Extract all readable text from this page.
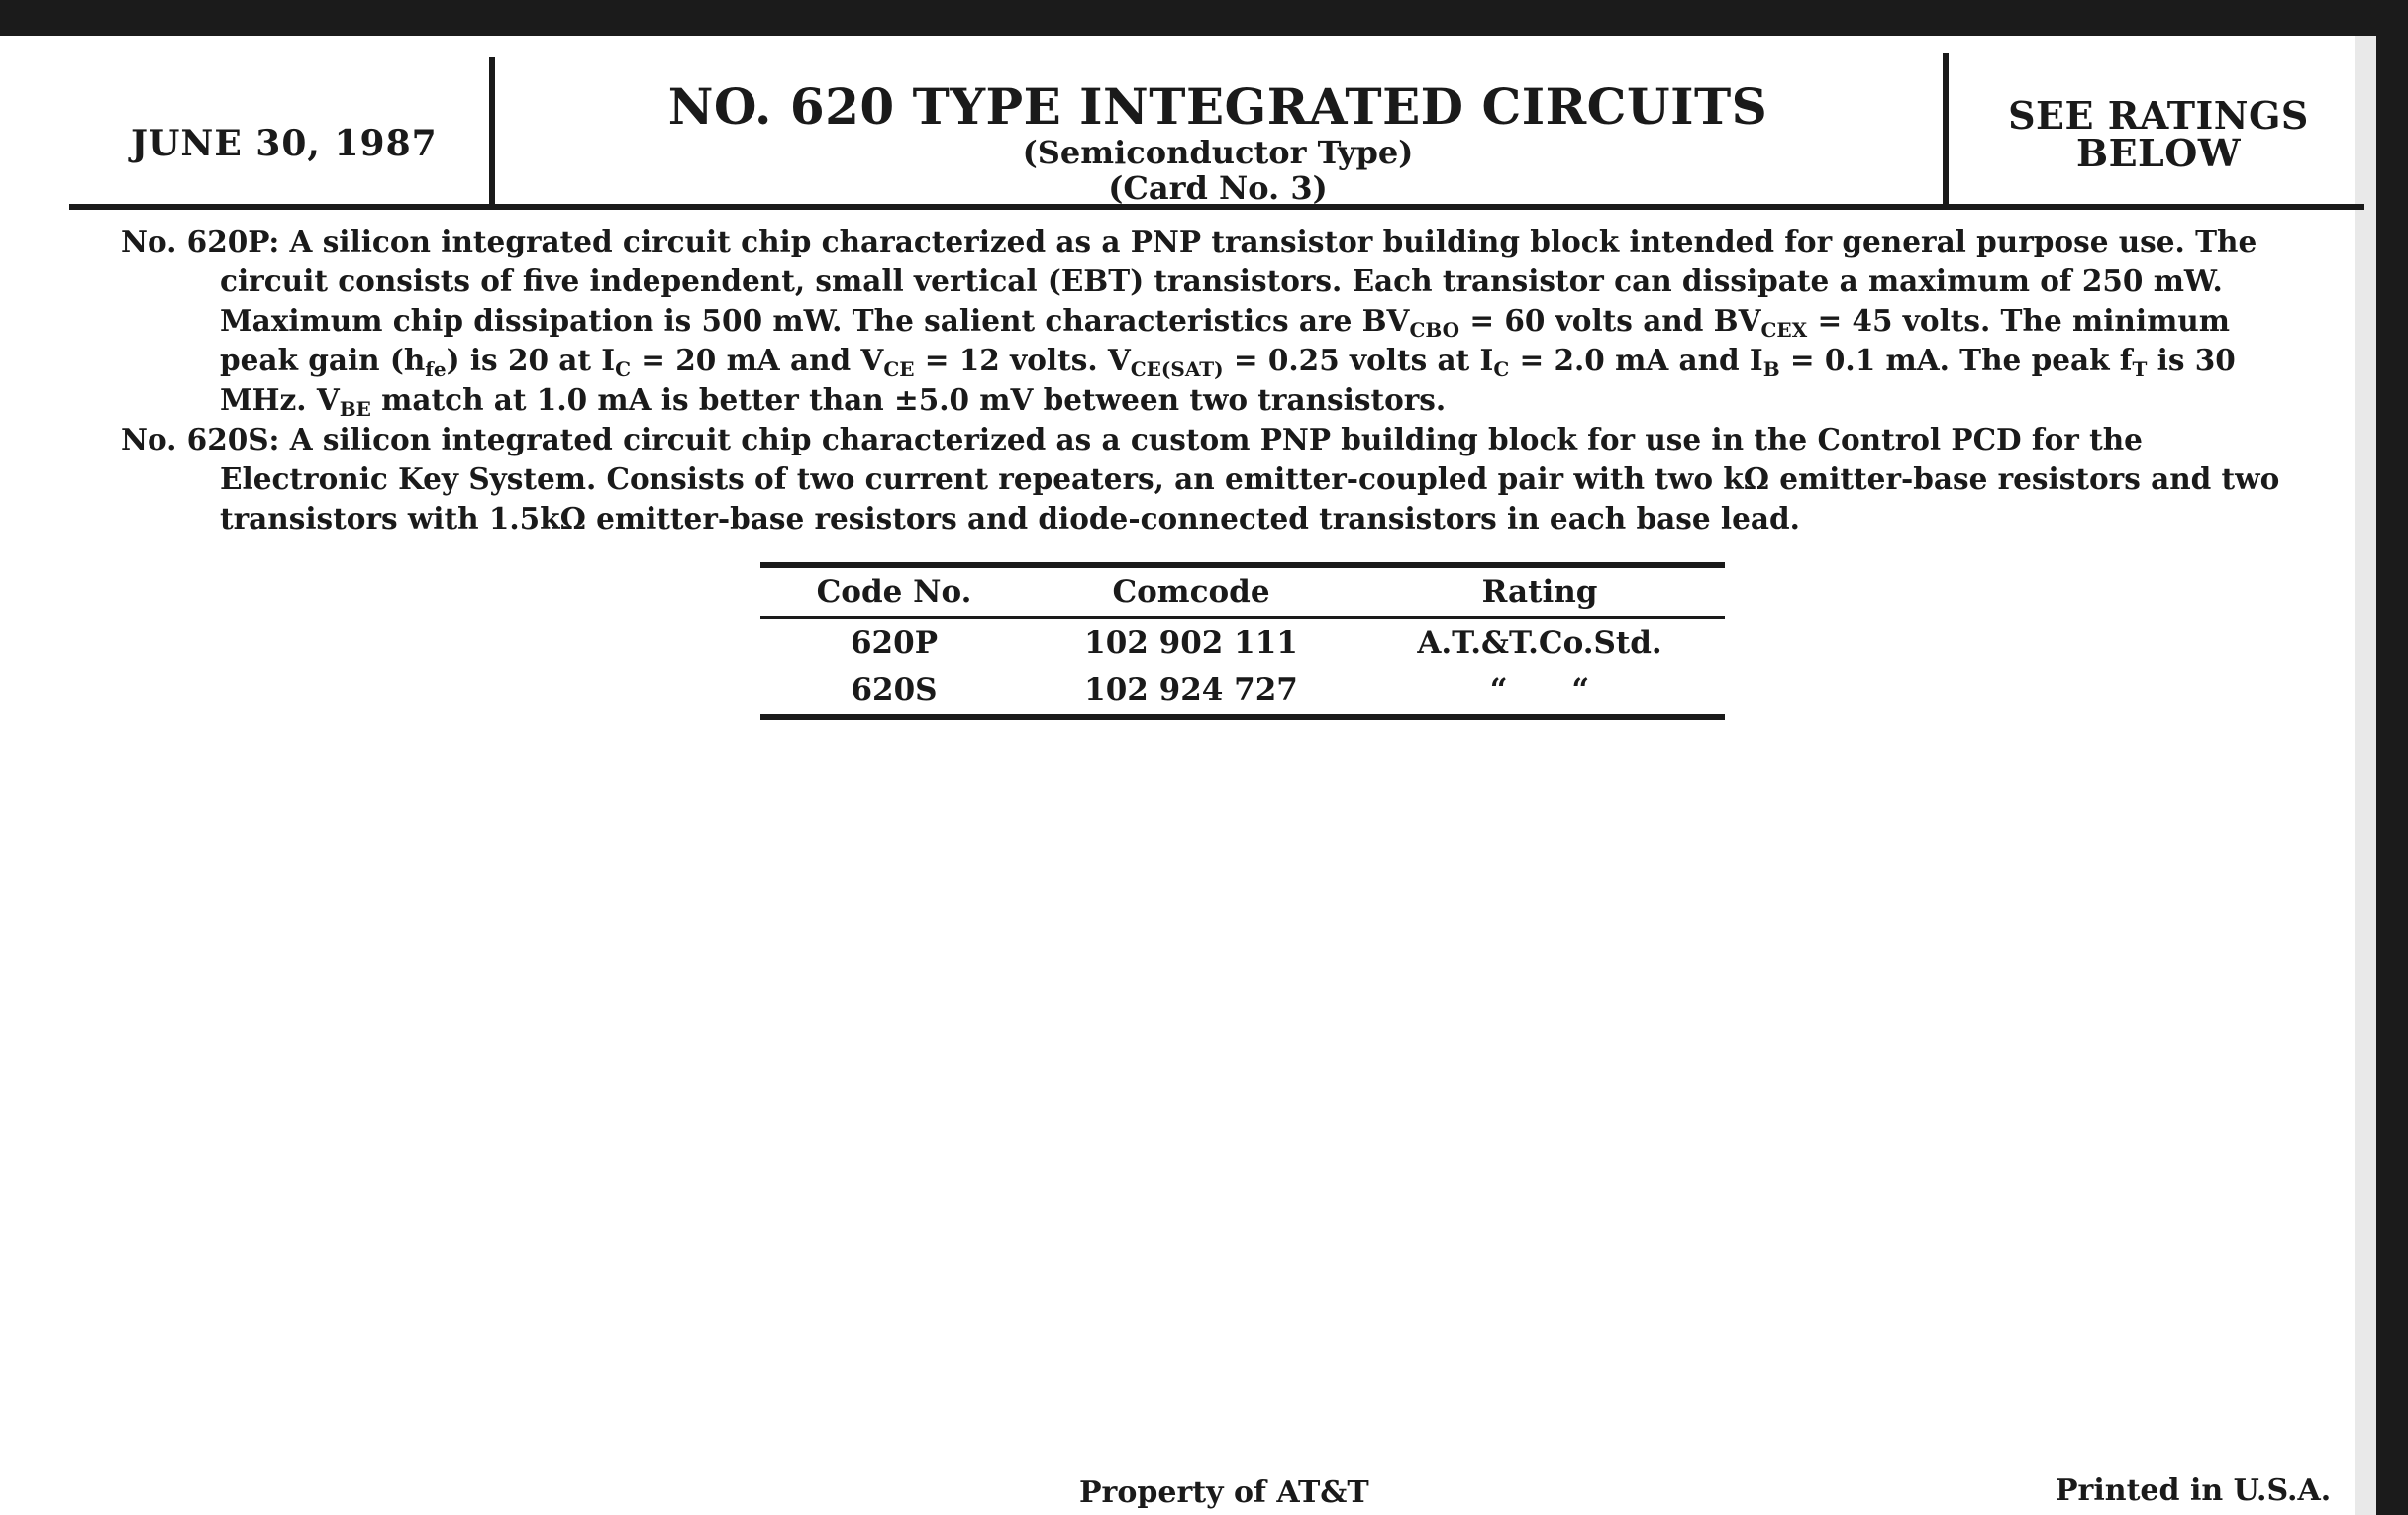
JUNE 30, 1987
NO. 620 TYPE INTEGRATED CIRCUITS
(Semiconductor Type)
(Card No. 3)
SEE RATINGS
BELOW

No. 620P: A silicon integrated circuit chip characterized as a PNP transistor building block intended for general purpose use. The circuit consists of five independent, small vertical (EBT) transistors. Each transistor can dissipate a maximum of 250 mW. Maximum chip dissipation is 500 mW. The salient characteristics are $BV_{CBO} = 60$ volts and $BV_{CEX} = 45$ volts. The minimum peak gain $(h_{fe})$ is 20 at $I_C = 20$ mA and $V_{CE} = 12$ volts. $V_{CE(SAT)} = 0.25$ volts at $I_C = 2.0$ mA and $I_B = 0.1$ mA. The peak $f_T$ is 30 MHz. $V_{BE}$ match at 1.0 mA is better than ±5.0 mV between two transistors.

No. 620S: A silicon integrated circuit chip characterized as a custom PNP building block for use in the Control PCD for the Electronic Key System. Consists of two current repeaters, an emitter-coupled pair with two kΩ emitter-base resistors and two transistors with 1.5kΩ emitter-base resistors and diode-connected transistors in each base lead.

Code No.	Comcode	Rating
620P	102 902 111	A.T.&T.Co.Std.
620S	102 924 727	“      “
Property of AT&T	Printed in U.S.A.
